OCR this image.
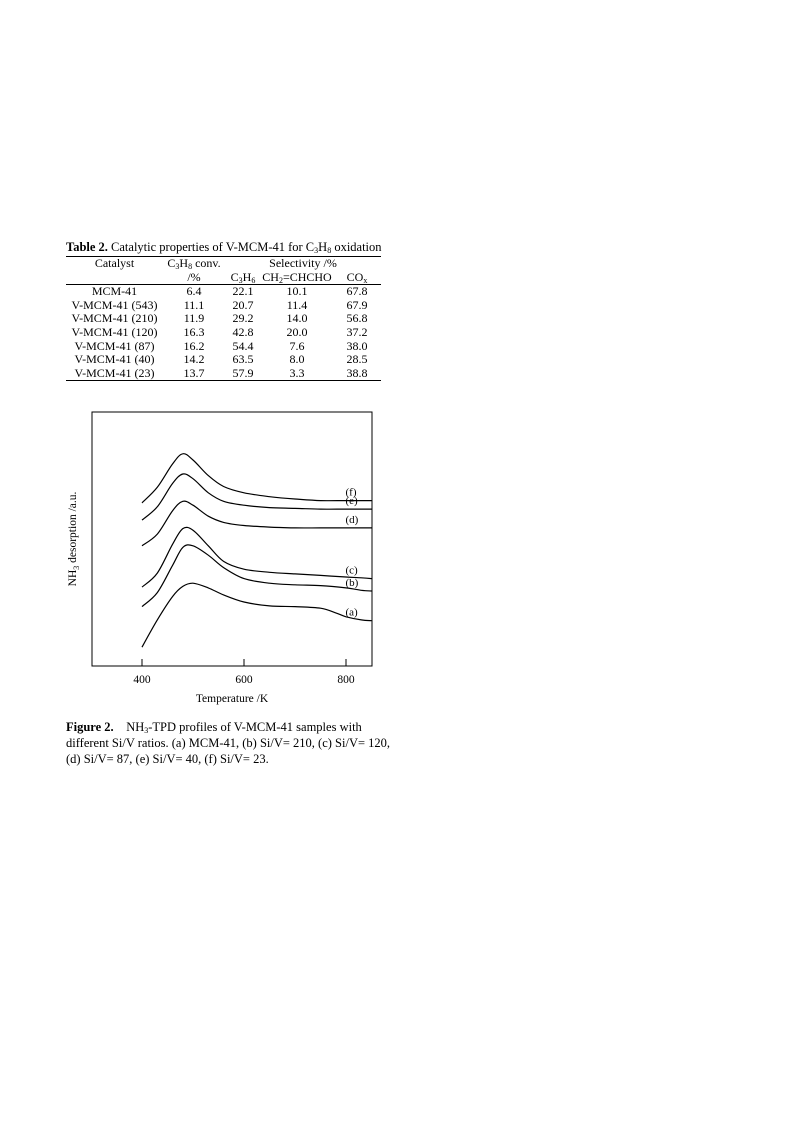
Table 2. Catalytic properties of V-MCM-41 for $C_3H_8$ oxidation
Catalyst	$C_3H_8$ conv.	Selectivity /%		
	/%	$C_3H_6$	$CH_2=CHCHO$	$CO_x$
MCM-41	6.4	22.1	10.1	67.8
V-MCM-41 (543)	11.1	20.7	11.4	67.9
V-MCM-41 (210)	11.9	29.2	14.0	56.8
V-MCM-41 (120)	16.3	42.8	20.0	37.2
V-MCM-41 (87)	16.2	54.4	7.6	38.0
V-MCM-41 (40)	14.2	63.5	8.0	28.5
V-MCM-41 (23)	13.7	57.9	3.3	38.8
(a)
(b)
(c)
(d)
(e)
(f)
400	600	800
Temperature /K
$NH_3$ desorption /a.u.
Figure 2.    $NH_3$-TPD profiles of V-MCM-41 samples with different Si/V ratios. (a) MCM-41, (b) Si/V= 210, (c) Si/V= 120, (d) Si/V= 87, (e) Si/V= 40, (f) Si/V= 23.
